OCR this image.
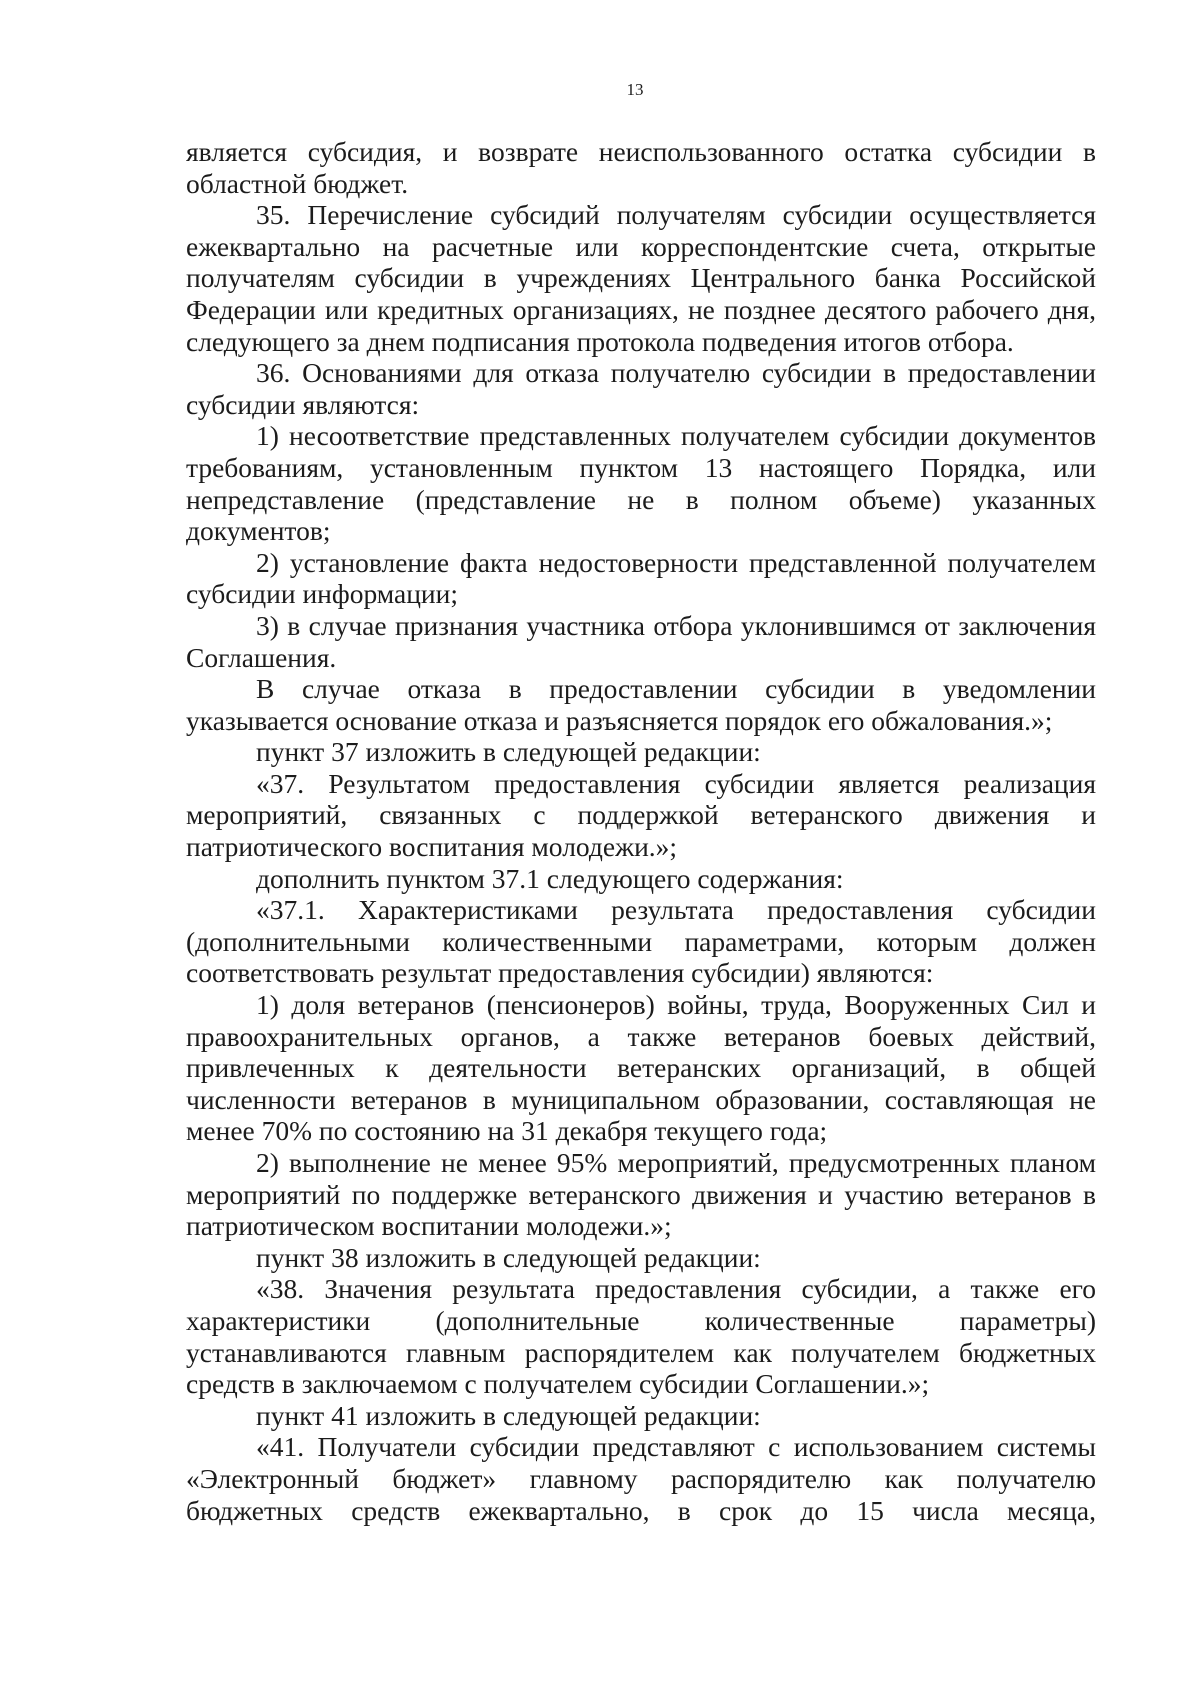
13

является субсидия, и возврате неиспользованного остатка субсидии в областной бюджет.

35. Перечисление субсидий получателям субсидии осуществляется ежеквартально на расчетные или корреспондентские счета, открытые получателям субсидии в учреждениях Центрального банка Российской Федерации или кредитных организациях, не позднее десятого рабочего дня, следующего за днем подписания протокола подведения итогов отбора.

36. Основаниями для отказа получателю субсидии в предоставлении субсидии являются:

1) несоответствие представленных получателем субсидии документов требованиям, установленным пунктом 13 настоящего Порядка, или непредставление (представление не в полном объеме) указанных документов;

2) установление факта недостоверности представленной получателем субсидии информации;

3) в случае признания участника отбора уклонившимся от заключения Соглашения.

В случае отказа в предоставлении субсидии в уведомлении указывается основание отказа и разъясняется порядок его обжалования.»;

пункт 37 изложить в следующей редакции:

«37. Результатом предоставления субсидии является реализация мероприятий, связанных с поддержкой ветеранского движения и патриотического воспитания молодежи.»;

дополнить пунктом 37.1 следующего содержания:

«37.1. Характеристиками результата предоставления субсидии (дополнительными количественными параметрами, которым должен соответствовать результат предоставления субсидии) являются:

1) доля ветеранов (пенсионеров) войны, труда, Вооруженных Сил и правоохранительных органов, а также ветеранов боевых действий, привлеченных к деятельности ветеранских организаций, в общей численности ветеранов в муниципальном образовании, составляющая не менее 70% по состоянию на 31 декабря текущего года;

2) выполнение не менее 95% мероприятий, предусмотренных планом мероприятий по поддержке ветеранского движения и участию ветеранов в патриотическом воспитании молодежи.»;

пункт 38 изложить в следующей редакции:

«38. Значения результата предоставления субсидии, а также его характеристики (дополнительные количественные параметры) устанавливаются главным распорядителем как получателем бюджетных средств в заключаемом с получателем субсидии Соглашении.»;

пункт 41 изложить в следующей редакции:

«41. Получатели субсидии представляют с использованием системы «Электронный бюджет» главному распорядителю как получателю бюджетных средств ежеквартально, в срок до 15 числа месяца,
